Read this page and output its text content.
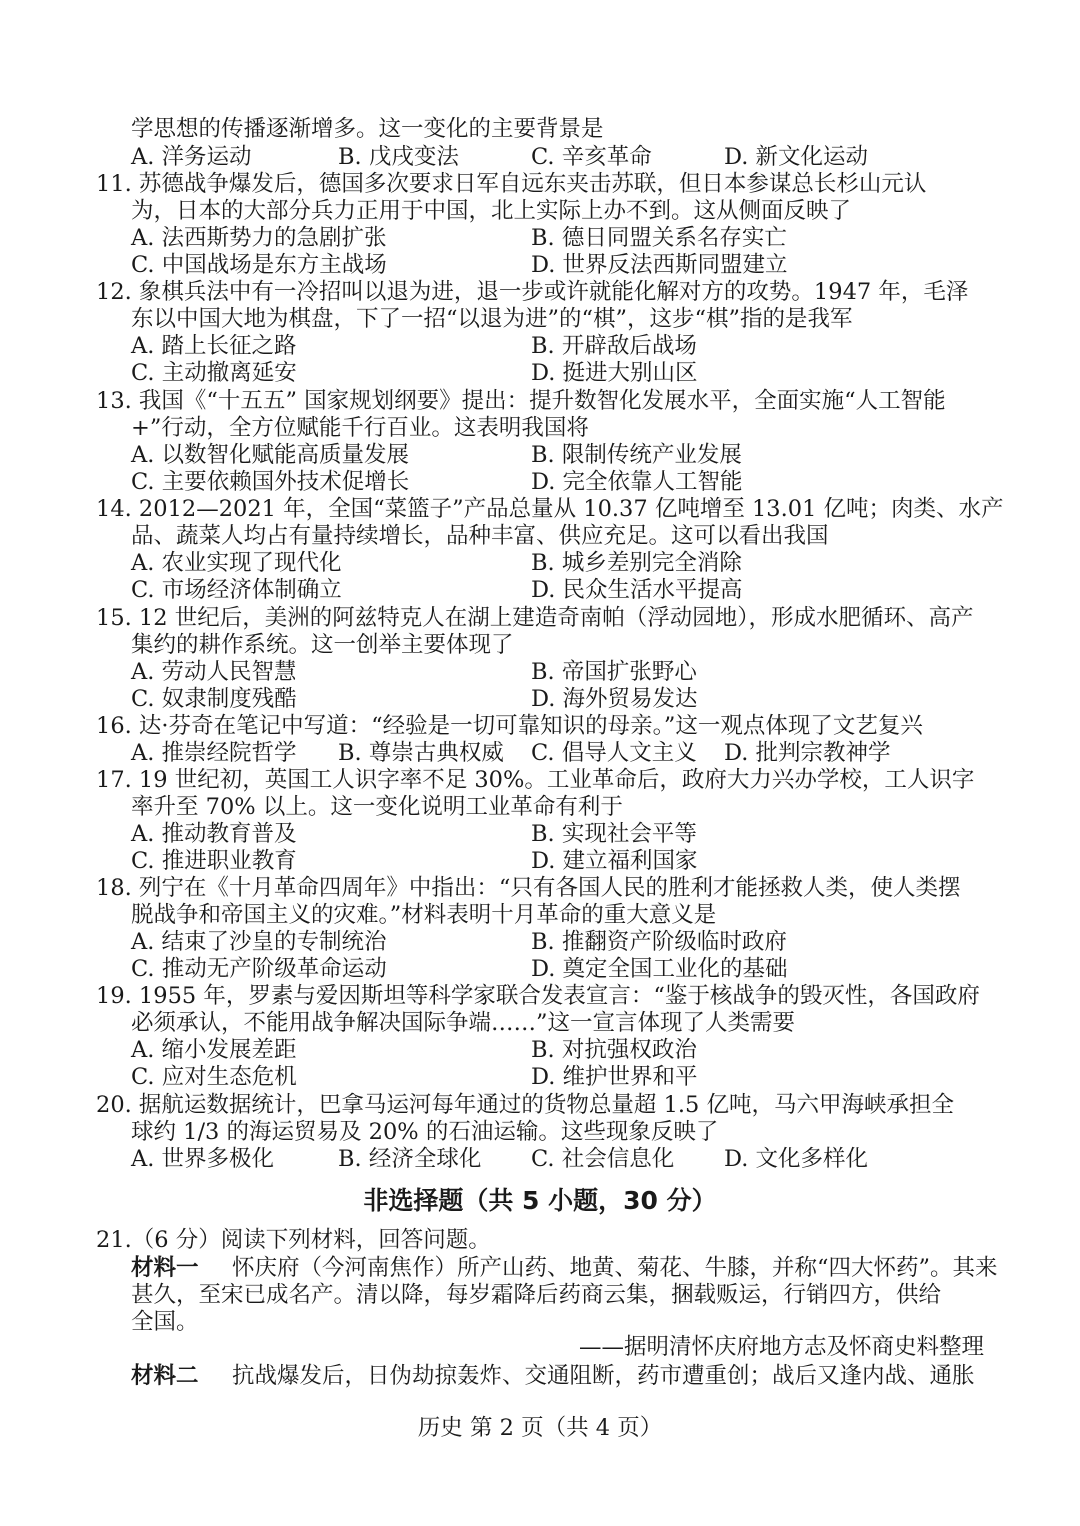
学思想的传播逐渐增多。这一变化的主要背景是
A. 洋务运动	B. 戊戌变法	C. 辛亥革命	D. 新文化运动
11. 苏德战争爆发后，德国多次要求日军自远东夹击苏联，但日本参谋总长杉山元认
为，日本的大部分兵力正用于中国，北上实际上办不到。这从侧面反映了
A. 法西斯势力的急剧扩张	B. 德日同盟关系名存实亡
C. 中国战场是东方主战场	D. 世界反法西斯同盟建立
12. 象棋兵法中有一冷招叫以退为进，退一步或许就能化解对方的攻势。1947 年，毛泽
东以中国大地为棋盘，下了一招“以退为进”的“棋”，这步“棋”指的是我军
A. 踏上长征之路	B. 开辟敌后战场
C. 主动撤离延安	D. 挺进大别山区
13. 我国《“十五五” 国家规划纲要》提出：提升数智化发展水平，全面实施“人工智能
+”行动，全方位赋能千行百业。这表明我国将
A. 以数智化赋能高质量发展	B. 限制传统产业发展
C. 主要依赖国外技术促增长	D. 完全依靠人工智能
14. 2012—2021 年，全国“菜篮子”产品总量从 10.37 亿吨增至 13.01 亿吨；肉类、水产
品、蔬菜人均占有量持续增长，品种丰富、供应充足。这可以看出我国
A. 农业实现了现代化	B. 城乡差别完全消除
C. 市场经济体制确立	D. 民众生活水平提高
15. 12 世纪后，美洲的阿兹特克人在湖上建造奇南帕（浮动园地），形成水肥循环、高产
集约的耕作系统。这一创举主要体现了
A. 劳动人民智慧	B. 帝国扩张野心
C. 奴隶制度残酷	D. 海外贸易发达
16. 达·芬奇在笔记中写道：“经验是一切可靠知识的母亲。”这一观点体现了文艺复兴
A. 推崇经院哲学 B. 尊崇古典权威 C. 倡导人文主义 D. 批判宗教神学
17. 19 世纪初，英国工人识字率不足 30%。工业革命后，政府大力兴办学校，工人识字
率升至 70% 以上。这一变化说明工业革命有利于
A. 推动教育普及	B. 实现社会平等
C. 推进职业教育	D. 建立福利国家
18. 列宁在《十月革命四周年》中指出：“只有各国人民的胜利才能拯救人类，使人类摆
脱战争和帝国主义的灾难。”材料表明十月革命的重大意义是
A. 结束了沙皇的专制统治	B. 推翻资产阶级临时政府
C. 推动无产阶级革命运动	D. 奠定全国工业化的基础
19. 1955 年，罗素与爱因斯坦等科学家联合发表宣言：“鉴于核战争的毁灭性，各国政府
必须承认，不能用战争解决国际争端……”这一宣言体现了人类需要
A. 缩小发展差距	B. 对抗强权政治
C. 应对生态危机	D. 维护世界和平
20. 据航运数据统计，巴拿马运河每年通过的货物总量超 1.5 亿吨，马六甲海峡承担全
球约 1/3 的海运贸易及 20% 的石油运输。这些现象反映了
A. 世界多极化	B. 经济全球化 C. 社会信息化 D. 文化多样化
非选择题（共 5 小题，30 分）
21.（6 分）阅读下列材料，回答问题。
材料一 怀庆府（今河南焦作）所产山药、地黄、菊花、牛膝，并称“四大怀药”。其来
甚久，至宋已成名产。清以降，每岁霜降后药商云集，捆载贩运，行销四方，供给
全国。
——据明清怀庆府地方志及怀商史料整理
材料二 抗战爆发后，日伪劫掠轰炸、交通阻断，药市遭重创；战后又逢内战、通胀
历史 第 2 页（共 4 页）
